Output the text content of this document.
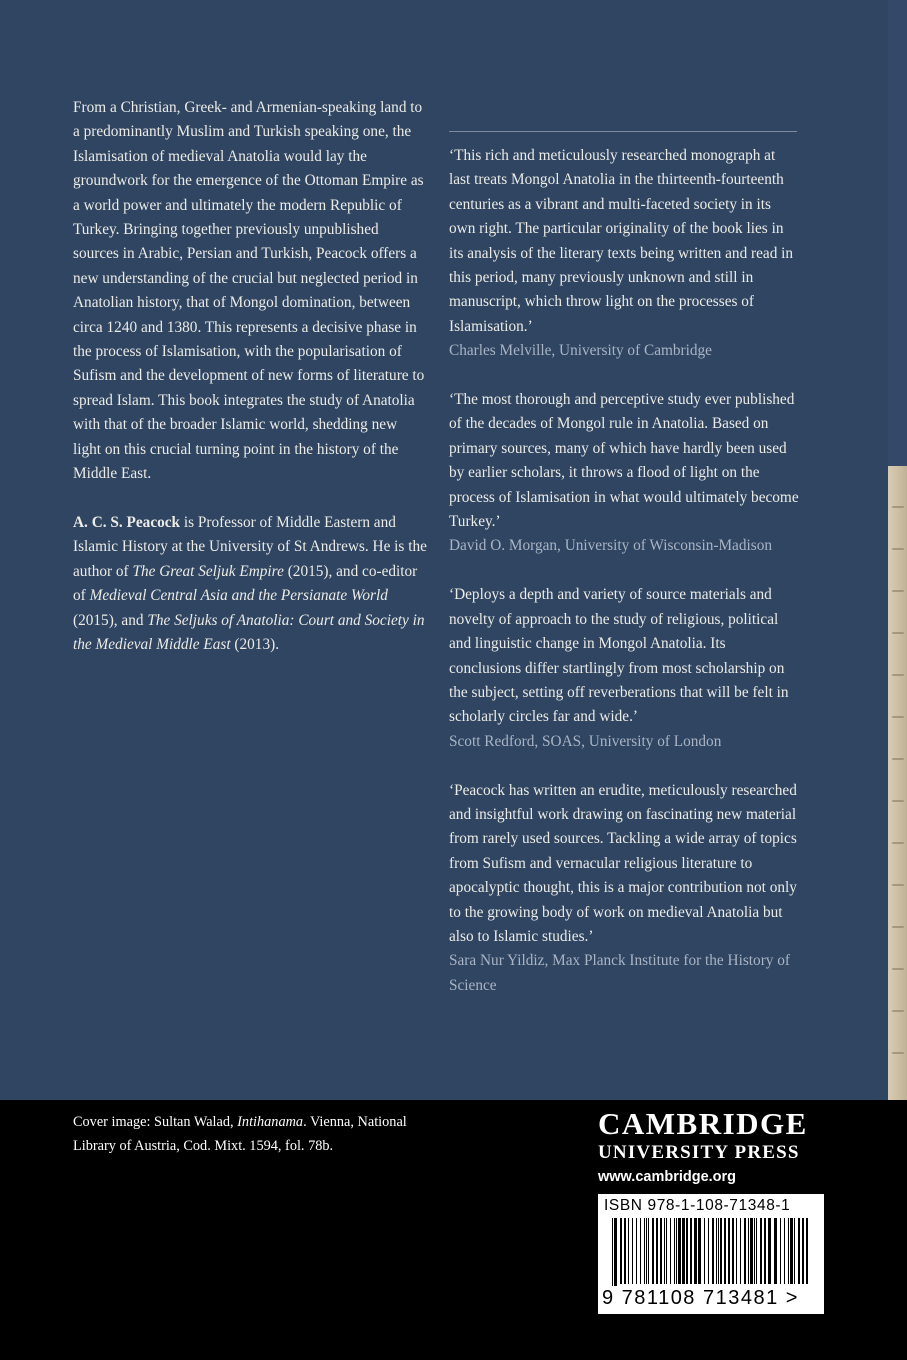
From a Christian, Greek- and Armenian-speaking land to a predominantly Muslim and Turkish speaking one, the Islamisation of medieval Anatolia would lay the groundwork for the emergence of the Ottoman Empire as a world power and ultimately the modern Republic of Turkey. Bringing together previously unpublished sources in Arabic, Persian and Turkish, Peacock offers a new understanding of the crucial but neglected period in Anatolian history, that of Mongol domination, between circa 1240 and 1380. This represents a decisive phase in the process of Islamisation, with the popularisation of Sufism and the development of new forms of literature to spread Islam. This book integrates the study of Anatolia with that of the broader Islamic world, shedding new light on this crucial turning point in the history of the Middle East.

A. C. S. Peacock is Professor of Middle Eastern and Islamic History at the University of St Andrews. He is the author of The Great Seljuk Empire (2015), and co-editor of Medieval Central Asia and the Persianate World (2015), and The Seljuks of Anatolia: Court and Society in the Medieval Middle East (2013).

‘This rich and meticulously researched monograph at last treats Mongol Anatolia in the thirteenth-fourteenth centuries as a vibrant and multi-faceted society in its own right. The particular originality of the book lies in its analysis of the literary texts being written and read in this period, many previously unknown and still in manuscript, which throw light on the processes of Islamisation.’

Charles Melville, University of Cambridge

‘The most thorough and perceptive study ever published of the decades of Mongol rule in Anatolia. Based on primary sources, many of which have hardly been used by earlier scholars, it throws a flood of light on the process of Islamisation in what would ultimately become Turkey.’

David O. Morgan, University of Wisconsin-Madison

‘Deploys a depth and variety of source materials and novelty of approach to the study of religious, political and linguistic change in Mongol Anatolia. Its conclusions differ startlingly from most scholarship on the subject, setting off reverberations that will be felt in scholarly circles far and wide.’

Scott Redford, SOAS, University of London

‘Peacock has written an erudite, meticulously researched and insightful work drawing on fascinating new material from rarely used sources. Tackling a wide array of topics from Sufism and vernacular religious literature to apocalyptic thought, this is a major contribution not only to the growing body of work on medieval Anatolia but also to Islamic studies.’

Sara Nur Yildiz, Max Planck Institute for the History of Science

Cover image: Sultan Walad, Intihanama. Vienna, National Library of Austria, Cod. Mixt. 1594, fol. 78b.
CAMBRIDGE
UNIVERSITY PRESS
www.cambridge.org
ISBN 978-1-108-71348-1
9 781108 713481 >
